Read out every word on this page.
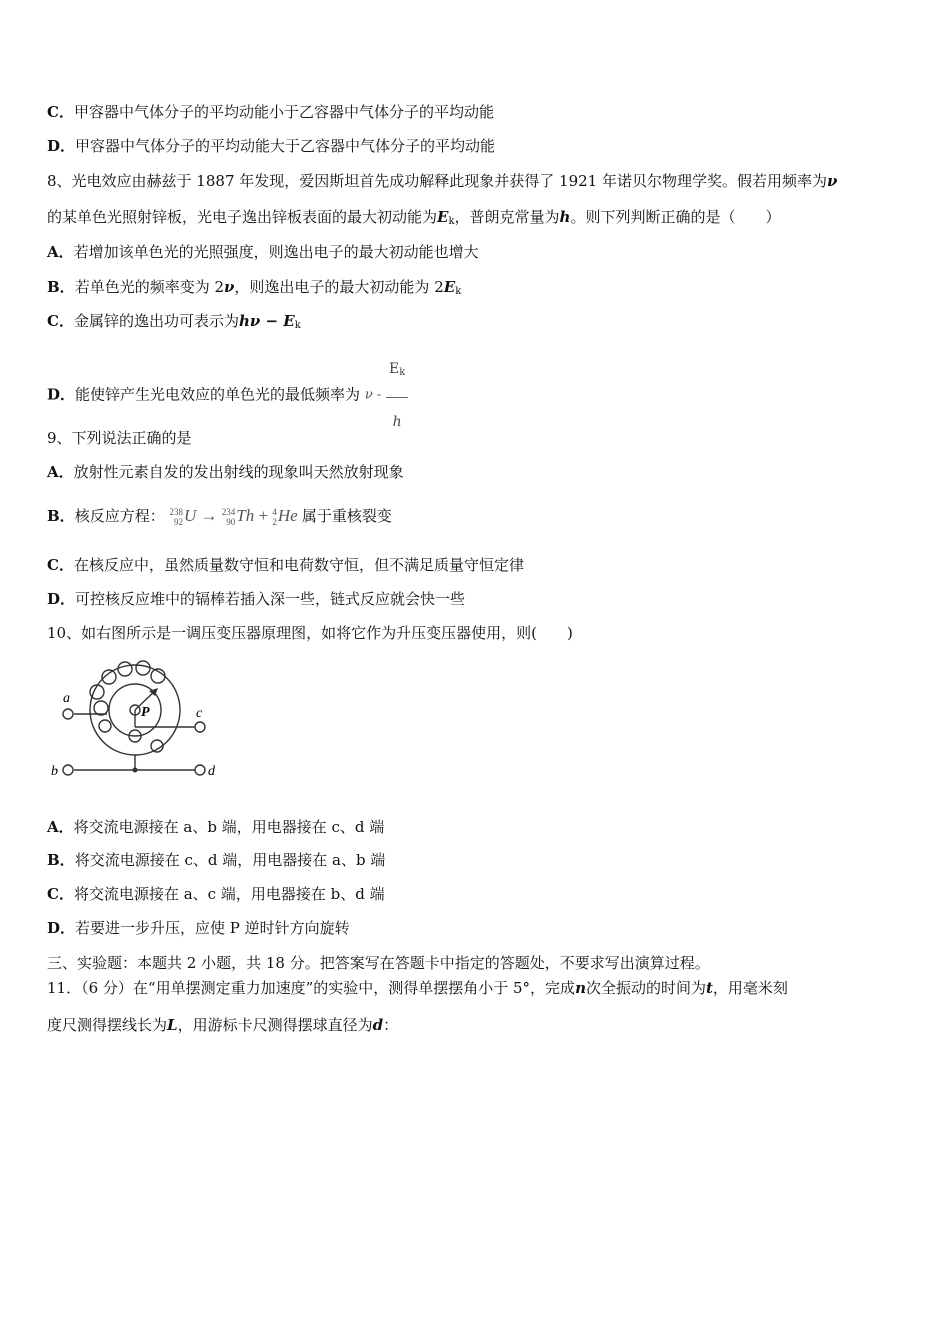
C．甲容器中气体分子的平均动能小于乙容器中气体分子的平均动能
D．甲容器中气体分子的平均动能大于乙容器中气体分子的平均动能
8、光电效应由赫兹于 1887 年发现，爱因斯坦首先成功解释此现象并获得了 1921 年诺贝尔物理学奖。假若用频率为ν
的某单色光照射锌板，光电子逸出锌板表面的最大初动能为$E_k$，普朗克常量为h。则下列判断正确的是（　　）
A．若增加该单色光的光照强度，则逸出电子的最大初动能也增大
B．若单色光的频率变为 2ν，则逸出电子的最大初动能为 $2E_k$
C．金属锌的逸出功可表示为$h\nu - E_k$
D．能使锌产生光电效应的单色光的最低频率为 ν - $\frac{E_k}{h}$
9、下列说法正确的是
A．放射性元素自发的发出射线的现象叫天然放射现象
B．核反应方程： 238
92U → 234
90Th + 4
2He 属于重核裂变
C．在核反应中，虽然质量数守恒和电荷数守恒，但不满足质量守恒定律
D．可控核反应堆中的镉棒若插入深一些，链式反应就会快一些
10、如右图所示是一调压变压器原理图，如将它作为升压变压器使用，则(　　)
a
c
b	d
P
A．将交流电源接在 a、b 端，用电器接在 c、d 端
B．将交流电源接在 c、d 端，用电器接在 a、b 端
C．将交流电源接在 a、c 端，用电器接在 b、d 端
D．若要进一步升压，应使 P 逆时针方向旋转
三、实验题：本题共 2 小题，共 18 分。把答案写在答题卡中指定的答题处，不要求写出演算过程。
11．（6 分）在“用单摆测定重力加速度”的实验中，测得单摆摆角小于 5°，完成n次全振动的时间为t，用毫米刻
度尺测得摆线长为L，用游标卡尺测得摆球直径为d：
